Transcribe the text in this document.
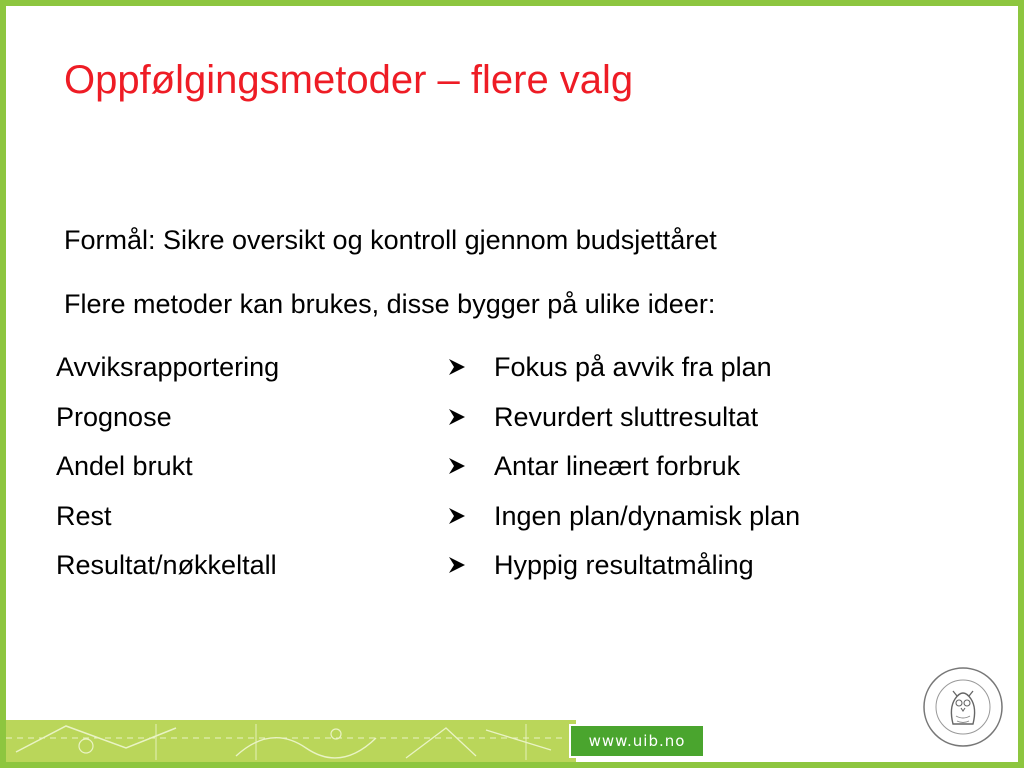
Oppfølgingsmetoder – flere valg

Formål: Sikre oversikt og kontroll gjennom budsjettåret

Flere metoder kan brukes, disse bygger på ulike ideer:

Avviksrapportering
Prognose
Andel brukt
Rest
Resultat/nøkkeltall
Fokus på avvik fra plan
Revurdert sluttresultat
Antar lineært forbruk
Ingen plan/dynamisk plan
Hyppig resultatmåling
www.uib.no
